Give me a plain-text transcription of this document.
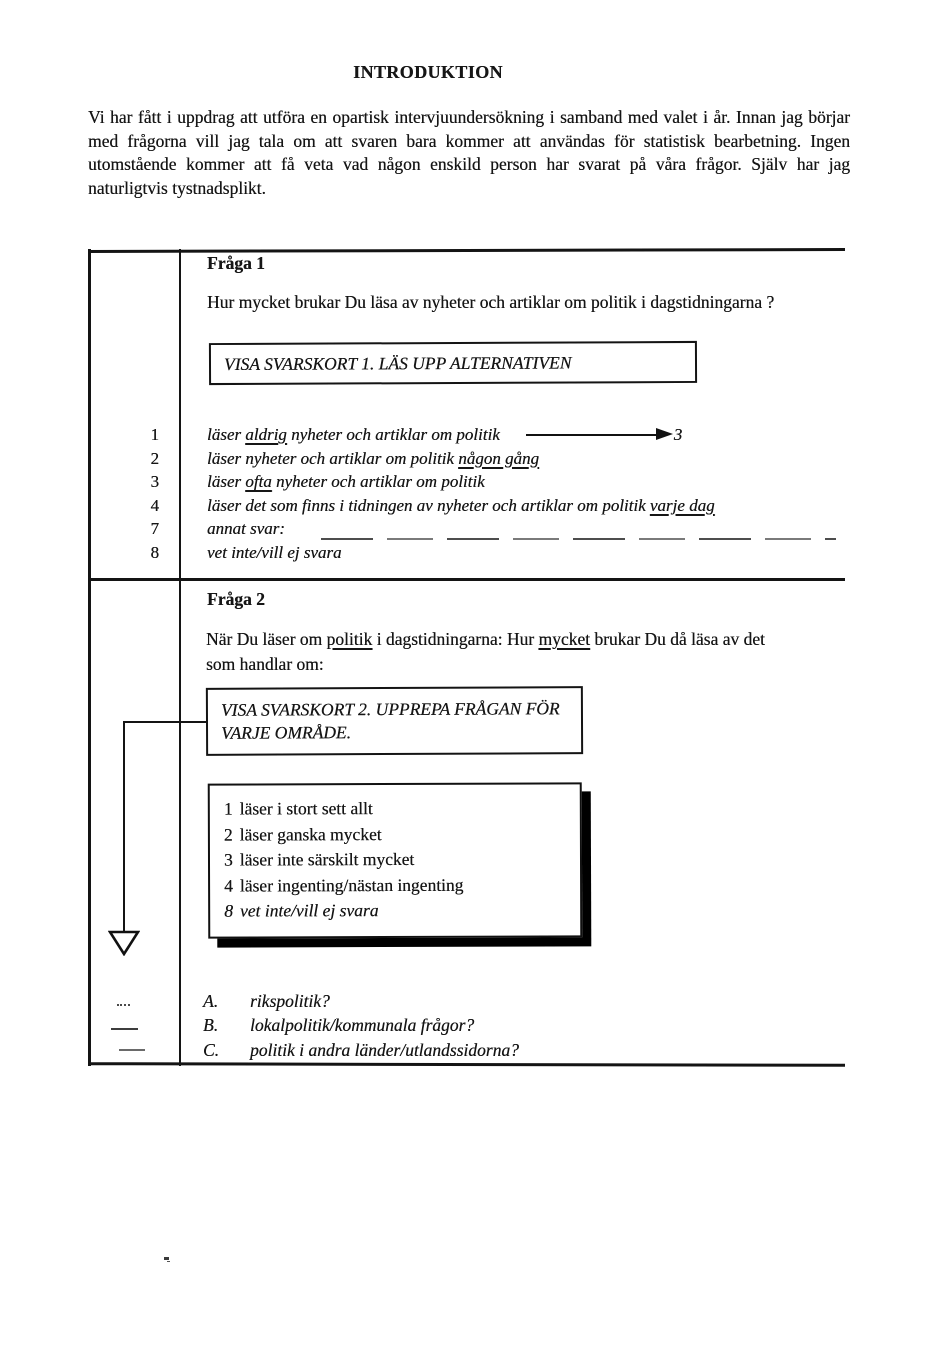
INTRODUKTION
Vi har fått i uppdrag att utföra en opartisk intervjuundersökning i samband med valet i år. Innan jag börjar med frågorna vill jag tala om att svaren bara kommer att användas för statistisk bearbetning. Ingen utomstående kommer att få veta vad någon enskild person har svarat på våra frågor. Själv har jag naturligtvis tystnadsplikt.
Fråga 1
Hur mycket brukar Du läsa av nyheter och artiklar om politik i dagstidningarna ?
VISA SVARSKORT 1. LÄS UPP ALTERNATIVEN
1	läser aldrig nyheter och artiklar om politik	3
2	läser nyheter och artiklar om politik någon gång
3	läser ofta nyheter och artiklar om politik
4	läser det som finns i tidningen av nyheter och artiklar om politik varje dag
7	annat svar:
8	vet inte/vill ej svara
Fråga 2
När Du läser om politik i dagstidningarna: Hur mycket brukar Du då läsa av det
som handlar om:
VISA SVARSKORT 2. UPPREPA FRÅGAN FÖR VARJE OMRÅDE.
1 läser i stort sett allt
2 läser ganska mycket
3 läser inte särskilt mycket
4 läser ingenting/nästan ingenting
8 vet inte/vill ej svara
A.	rikspolitik?
B.	lokalpolitik/kommunala frågor?
C.	politik i andra länder/utlandssidorna?
